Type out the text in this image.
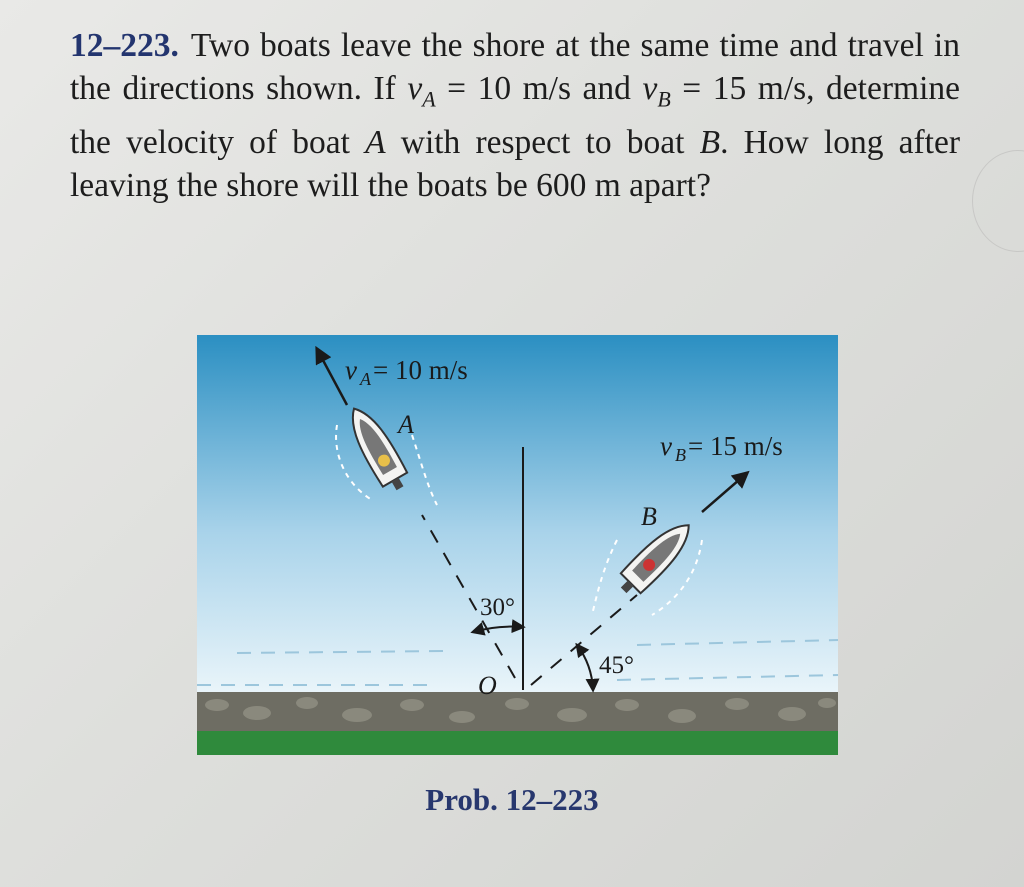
12–223. Two boats leave the shore at the same time and travel in the directions shown. If $v_A = 10$ m/s and $v_B = 15$ m/s, determine the velocity of boat A with respect to boat B. How long after leaving the shore will the boats be 600 m apart?
v A = 10 m/s
v B = 15 m/s
A
B
O
30°
45°
Prob. 12–223
